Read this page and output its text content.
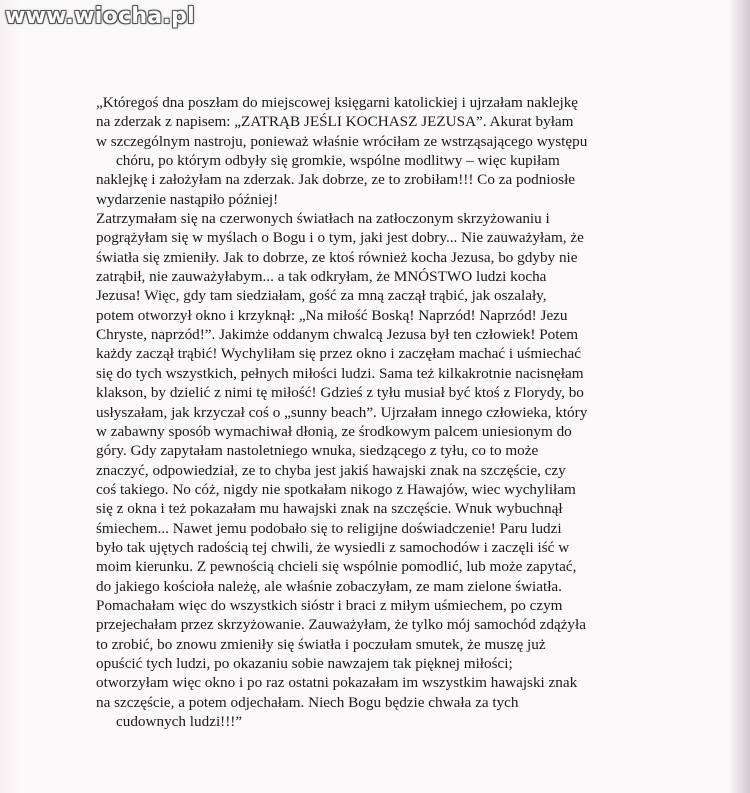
www.wiocha.pl
„Któregoś dna poszłam do miejscowej księgarni katolickiej i ujrzałam naklejkę
na zderzak z napisem: „ZATRĄB JEŚLI KOCHASZ JEZUSA”. Akurat byłam
w szczególnym nastroju, ponieważ właśnie wróciłam ze wstrząsającego występu
chóru, po którym odbyły się gromkie, wspólne modlitwy – więc kupiłam
naklejkę i założyłam na zderzak. Jak dobrze, ze to zrobiłam!!! Co za podniosłe
wydarzenie nastąpiło później!
Zatrzymałam się na czerwonych światłach na zatłoczonym skrzyżowaniu i
pogrążyłam się w myślach o Bogu i o tym, jaki jest dobry... Nie zauważyłam, że
światła się zmieniły. Jak to dobrze, ze ktoś również kocha Jezusa, bo gdyby nie
zatrąbił, nie zauważyłabym... a tak odkryłam, że MNÓSTWO ludzi kocha
Jezusa! Więc, gdy tam siedziałam, gość za mną zaczął trąbić, jak oszalały,
potem otworzył okno i krzyknął: „Na miłość Boską! Naprzód! Naprzód! Jezu
Chryste, naprzód!”. Jakimże oddanym chwalcą Jezusa był ten człowiek! Potem
każdy zaczął trąbić! Wychyliłam się przez okno i zaczęłam machać i uśmiechać
się do tych wszystkich, pełnych miłości ludzi. Sama też kilkakrotnie nacisnęłam
klakson, by dzielić z nimi tę miłość! Gdzieś z tyłu musiał być ktoś z Florydy, bo
usłyszałam, jak krzyczał coś o „sunny beach”. Ujrzałam innego człowieka, który
w zabawny sposób wymachiwał dłonią, ze środkowym palcem uniesionym do
góry. Gdy zapytałam nastoletniego wnuka, siedzącego z tyłu, co to może
znaczyć, odpowiedział, ze to chyba jest jakiś hawajski znak na szczęście, czy
coś takiego. No cóż, nigdy nie spotkałam nikogo z Hawajów, wiec wychyliłam
się z okna i też pokazałam mu hawajski znak na szczęście. Wnuk wybuchnął
śmiechem... Nawet jemu podobało się to religijne doświadczenie! Paru ludzi
było tak ujętych radością tej chwili, że wysiedli z samochodów i zaczęli iść w
moim kierunku. Z pewnością chcieli się wspólnie pomodlić, lub może zapytać,
do jakiego kościoła należę, ale właśnie zobaczyłam, ze mam zielone światła.
Pomachałam więc do wszystkich sióstr i braci z miłym uśmiechem, po czym
przejechałam przez skrzyżowanie. Zauważyłam, że tylko mój samochód zdążyła
to zrobić, bo znowu zmieniły się światła i poczułam smutek, że muszę już
opuścić tych ludzi, po okazaniu sobie nawzajem tak pięknej miłości;
otworzyłam więc okno i po raz ostatni pokazałam im wszystkim hawajski znak
na szczęście, a potem odjechałam. Niech Bogu będzie chwała za tych
cudownych ludzi!!!”
